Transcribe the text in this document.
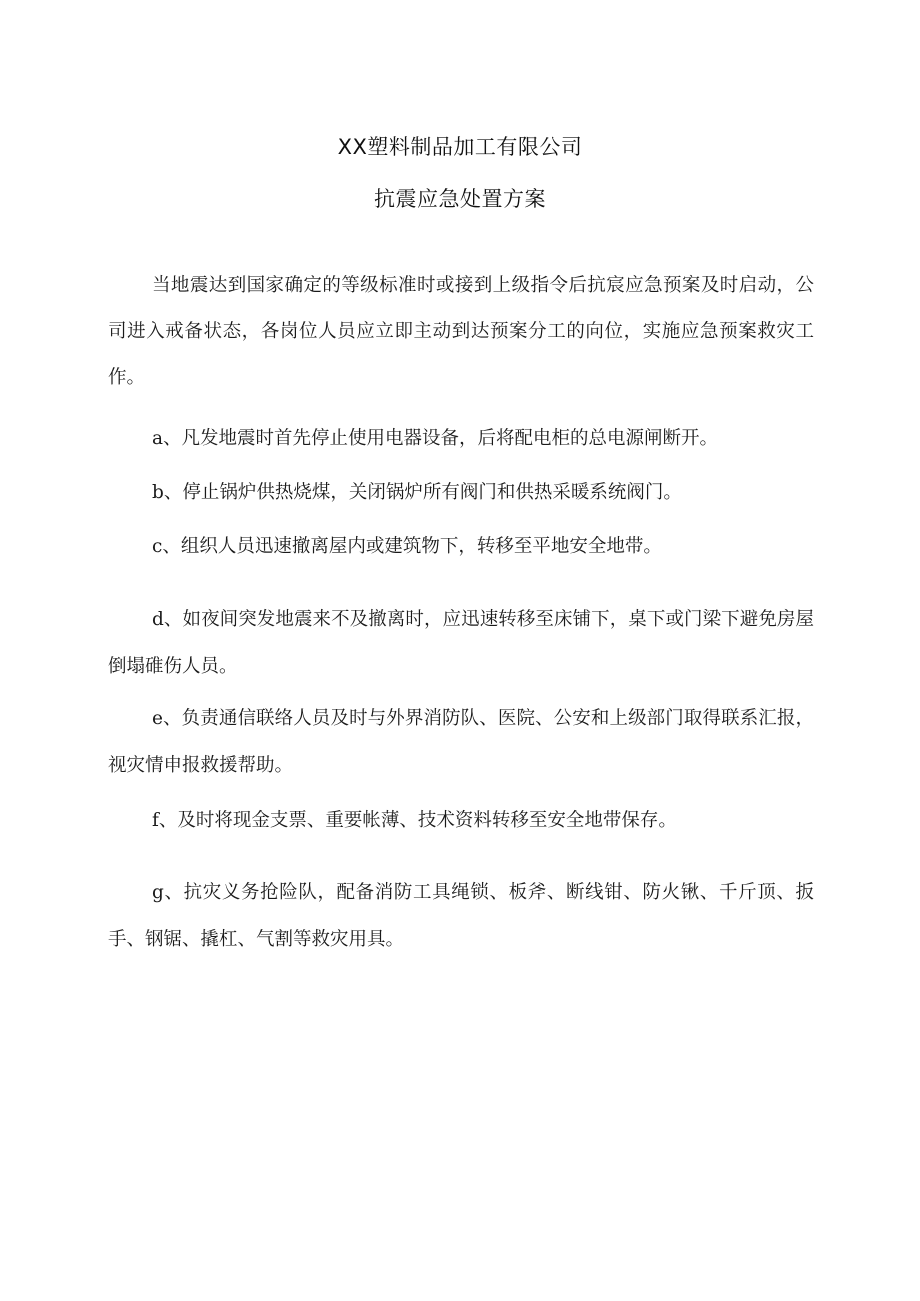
XX塑料制品加工有限公司
抗震应急处置方案

当地震达到国家确定的等级标准时或接到上级指令后抗宸应急预案及时启动，公司进入戒备状态，各岗位人员应立即主动到达预案分工的向位，实施应急预案救灾工作。

a、凡发地震时首先停止使用电器设备，后将配电柜的总电源闸断开。

b、停止锅炉供热烧煤，关闭锅炉所有阀门和供热采暖系统阀门。

c、组织人员迅速撤离屋内或建筑物下，转移至平地安全地带。

d、如夜间突发地震来不及撤离时，应迅速转移至床铺下，桌下或门梁下避免房屋倒塌碓伤人员。

e、负责通信联络人员及时与外界消防队、医院、公安和上级部门取得联系汇报，视灾情申报救援帮助。

f、及时将现金支票、重要帐薄、技术资料转移至安全地带保存。

g、抗灾义务抢险队，配备消防工具绳锁、板斧、断线钳、防火锹、千斤顶、扳手、钢锯、撬杠、气割等救灾用具。
